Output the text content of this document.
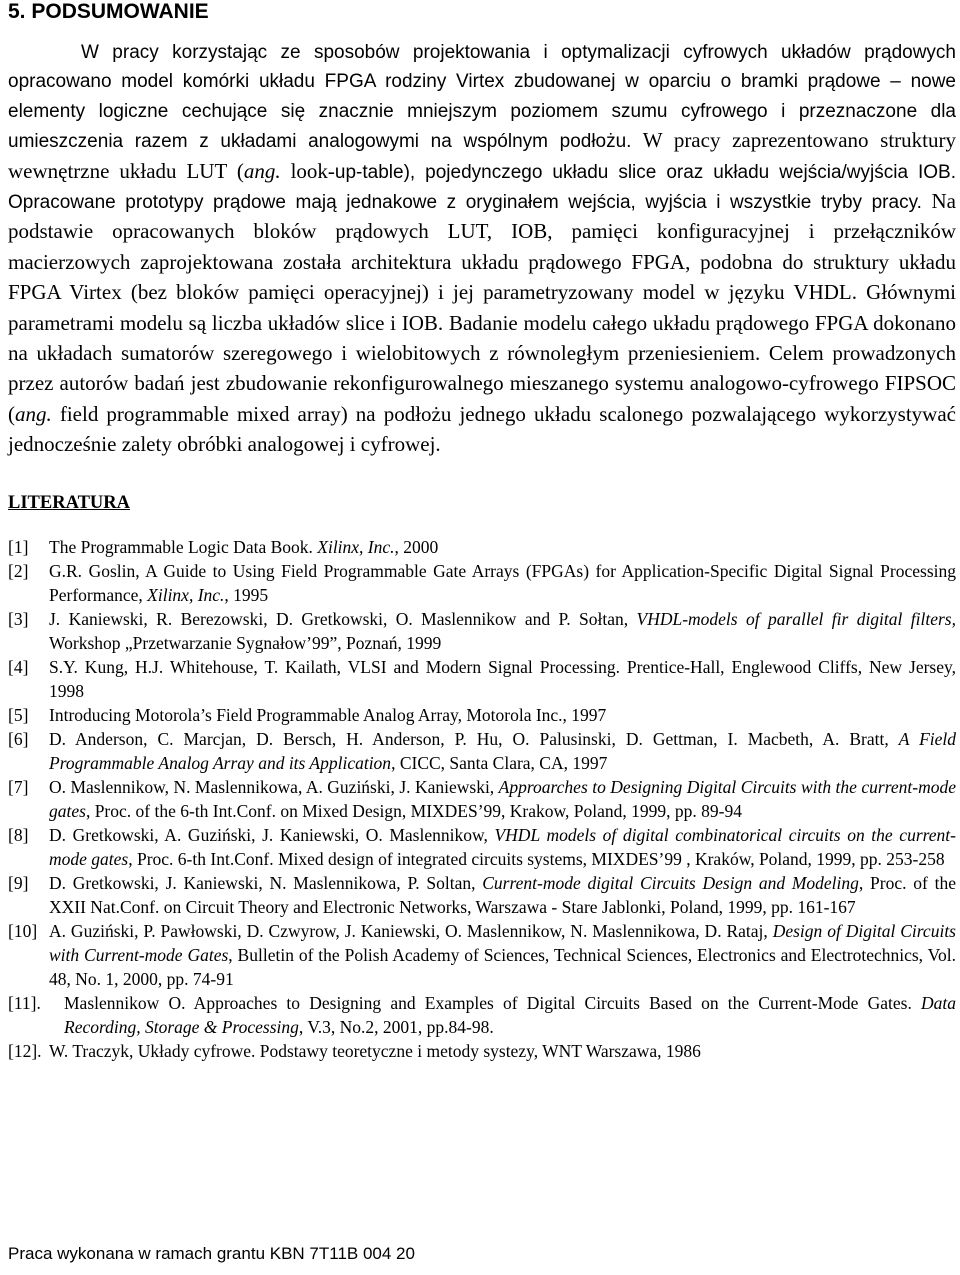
5. PODSUMOWANIE
W pracy korzystając ze sposobów projektowania i optymalizacji cyfrowych układów prądowych opracowano model komórki układu FPGA rodziny Virtex zbudowanej w oparciu o bramki prądowe – nowe elementy logiczne cechujące się znacznie mniejszym poziomem szumu cyfrowego i przeznaczone dla umieszczenia razem z układami analogowymi na wspólnym podłożu. W pracy zaprezentowano struktury wewnętrzne układu LUT (ang. look-up-table), pojedynczego układu slice oraz układu wejścia/wyjścia IOB. Opracowane prototypy prądowe mają jednakowe z oryginałem wejścia, wyjścia i wszystkie tryby pracy. Na podstawie opracowanych bloków prądowych LUT, IOB, pamięci konfiguracyjnej i przełączników macierzowych zaprojektowana została architektura układu prądowego FPGA, podobna do struktury układu FPGA Virtex (bez bloków pamięci operacyjnej) i jej parametryzowany model w języku VHDL. Głównymi parametrami modelu są liczba układów slice i IOB. Badanie modelu całego układu prądowego FPGA dokonano na układach sumatorów szeregowego i wielobitowych z równoległym przeniesieniem. Celem prowadzonych przez autorów badań jest zbudowanie rekonfigurowalnego mieszanego systemu analogowo-cyfrowego FIPSOC (ang. field programmable mixed array) na podłożu jednego układu scalonego pozwalającego wykorzystywać jednocześnie zalety obróbki analogowej i cyfrowej.
LITERATURA
[1] The Programmable Logic Data Book. Xilinx, Inc., 2000
[2] G.R. Goslin, A Guide to Using Field Programmable Gate Arrays (FPGAs) for Application-Specific Digital Signal Processing Performance, Xilinx, Inc., 1995
[3] J. Kaniewski, R. Berezowski, D. Gretkowski, O. Maslennikow and P. Sołtan, VHDL-models of parallel fir digital filters, Workshop „Przetwarzanie Sygnałow’99”, Poznań, 1999
[4] S.Y. Kung, H.J. Whitehouse, T. Kailath, VLSI and Modern Signal Processing. Prentice-Hall, Englewood Cliffs, New Jersey, 1998
[5] Introducing Motorola’s Field Programmable Analog Array, Motorola Inc., 1997
[6] D. Anderson, C. Marcjan, D. Bersch, H. Anderson, P. Hu, O. Palusinski, D. Gettman, I. Macbeth, A. Bratt, A Field Programmable Analog Array and its Application, CICC, Santa Clara, CA, 1997
[7] O. Maslennikow, N. Maslennikowa, A. Guziński, J. Kaniewski, Approarches to Designing Digital Circuits with the current-mode gates, Proc. of the 6-th Int.Conf. on Mixed Design, MIXDES’99, Krakow, Poland, 1999, pp. 89-94
[8] D. Gretkowski, A. Guziński, J. Kaniewski, O. Maslennikow, VHDL models of digital combinatorical circuits on the current-mode gates, Proc. 6-th Int.Conf. Mixed design of integrated circuits systems, MIXDES’99 , Kraków, Poland, 1999, pp. 253-258
[9] D. Gretkowski, J. Kaniewski, N. Maslennikowa, P. Soltan, Current-mode digital Circuits Design and Modeling, Proc. of the XXII Nat.Conf. on Circuit Theory and Electronic Networks, Warszawa - Stare Jablonki, Poland, 1999, pp. 161-167
[10] A. Guziński, P. Pawłowski, D. Czwyrow, J. Kaniewski, O. Maslennikow, N. Maslennikowa, D. Rataj, Design of Digital Circuits with Current-mode Gates, Bulletin of the Polish Academy of Sciences, Technical Sciences, Electronics and Electrotechnics, Vol. 48, No. 1, 2000, pp. 74-91
[11]. Maslennikow O. Approaches to Designing and Examples of Digital Circuits Based on the Current-Mode Gates. Data Recording, Storage & Processing, V.3, No.2, 2001, pp.84-98.
[12]. W. Traczyk, Układy cyfrowe. Podstawy teoretyczne i metody systezy, WNT Warszawa, 1986
Praca wykonana w ramach grantu KBN 7T11B 004 20
